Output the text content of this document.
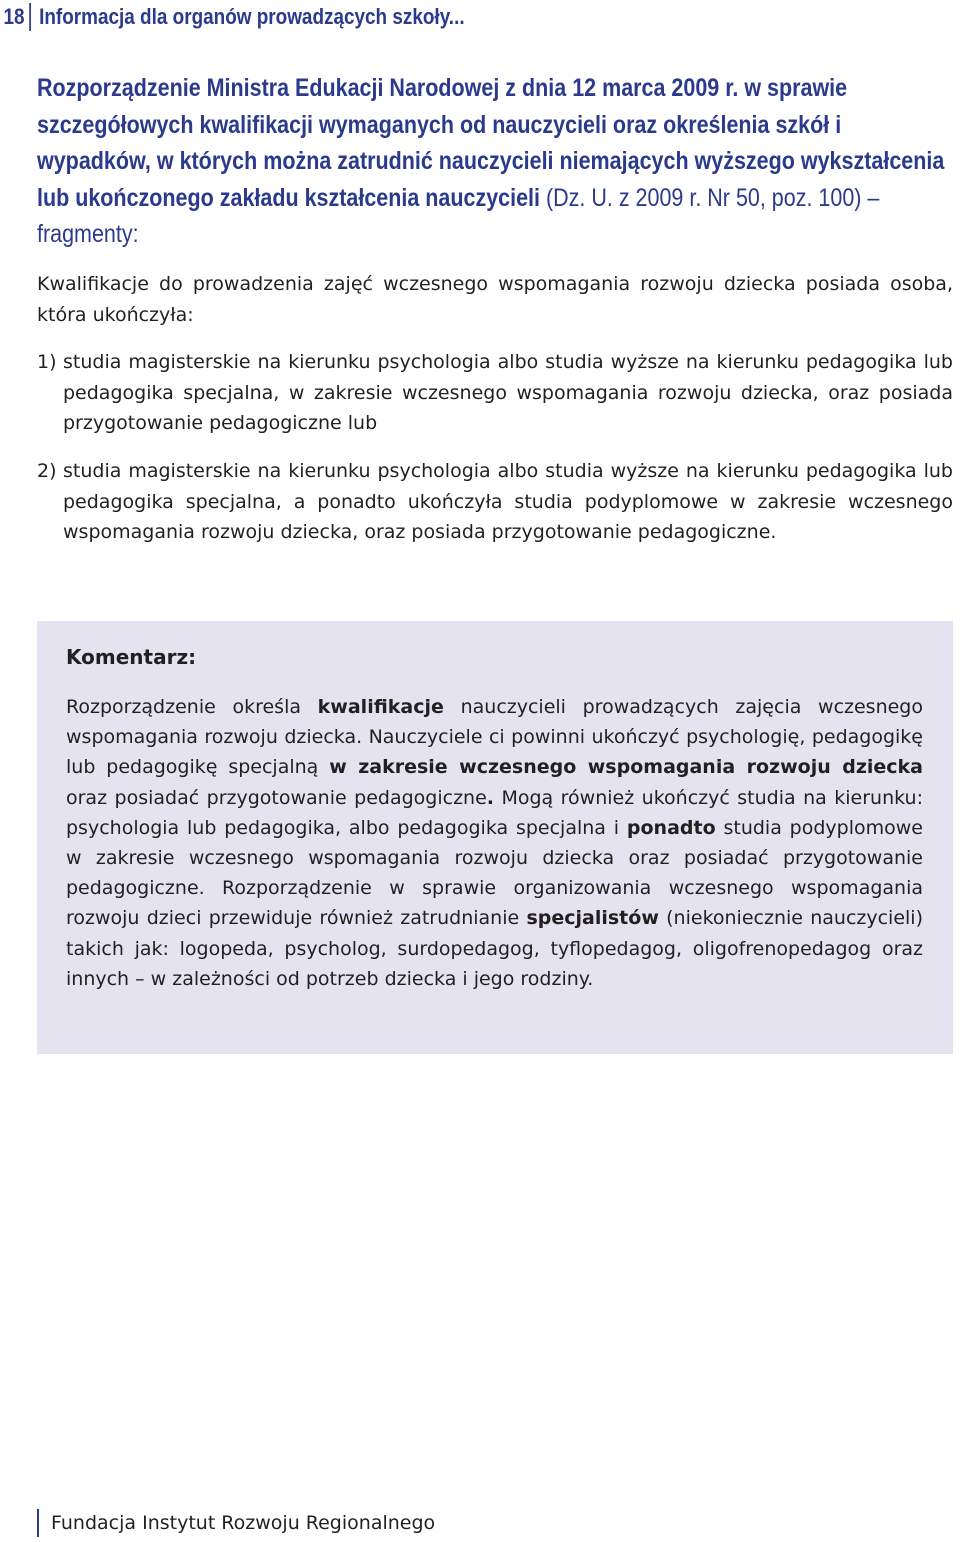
18 Informacja dla organów prowadzących szkoły...
Rozporządzenie Ministra Edukacji Narodowej z dnia 12 marca 2009 r. w sprawie szczegółowych kwalifikacji wymaganych od nauczycieli oraz określenia szkół i wypadków, w których można zatrudnić nauczycieli niemających wyższego wykształcenia lub ukończonego zakładu kształcenia nauczycieli (Dz. U. z 2009 r. Nr 50, poz. 100) – fragmenty:
Kwalifikacje do prowadzenia zajęć wczesnego wspomagania rozwoju dziecka posiada osoba, która ukończyła:
1) studia magisterskie na kierunku psychologia albo studia wyższe na kierunku pedagogika lub pedagogika specjalna, w zakresie wczesnego wspomagania rozwoju dziecka, oraz posiada przygotowanie pedagogiczne lub
2) studia magisterskie na kierunku psychologia albo studia wyższe na kierunku pedagogika lub pedagogika specjalna, a ponadto ukończyła studia podyplomowe w zakresie wczesnego wspomagania rozwoju dziecka, oraz posiada przygotowanie pedagogiczne.
Komentarz:
Rozporządzenie określa kwalifikacje nauczycieli prowadzących zajęcia wczesnego wspomagania rozwoju dziecka. Nauczyciele ci powinni ukończyć psychologię, pedagogikę lub pedagogikę specjalną w zakresie wczesnego wspomagania rozwoju dziecka oraz posiadać przygotowanie pedagogiczne. Mogą również ukończyć studia na kierunku: psychologia lub pedagogika, albo pedagogika specjalna i ponadto studia podyplomowe w zakresie wczesnego wspomagania rozwoju dziecka oraz posiadać przygotowanie pedagogiczne. Rozporządzenie w sprawie organizowania wczesnego wspomagania rozwoju dzieci przewiduje również zatrudnianie specjalistów (niekoniecznie nauczycieli) takich jak: logopeda, psycholog, surdopedagog, tyflopedagog, oligofrenopedagog oraz innych – w zależności od potrzeb dziecka i jego rodziny.
Fundacja Instytut Rozwoju Regionalnego
